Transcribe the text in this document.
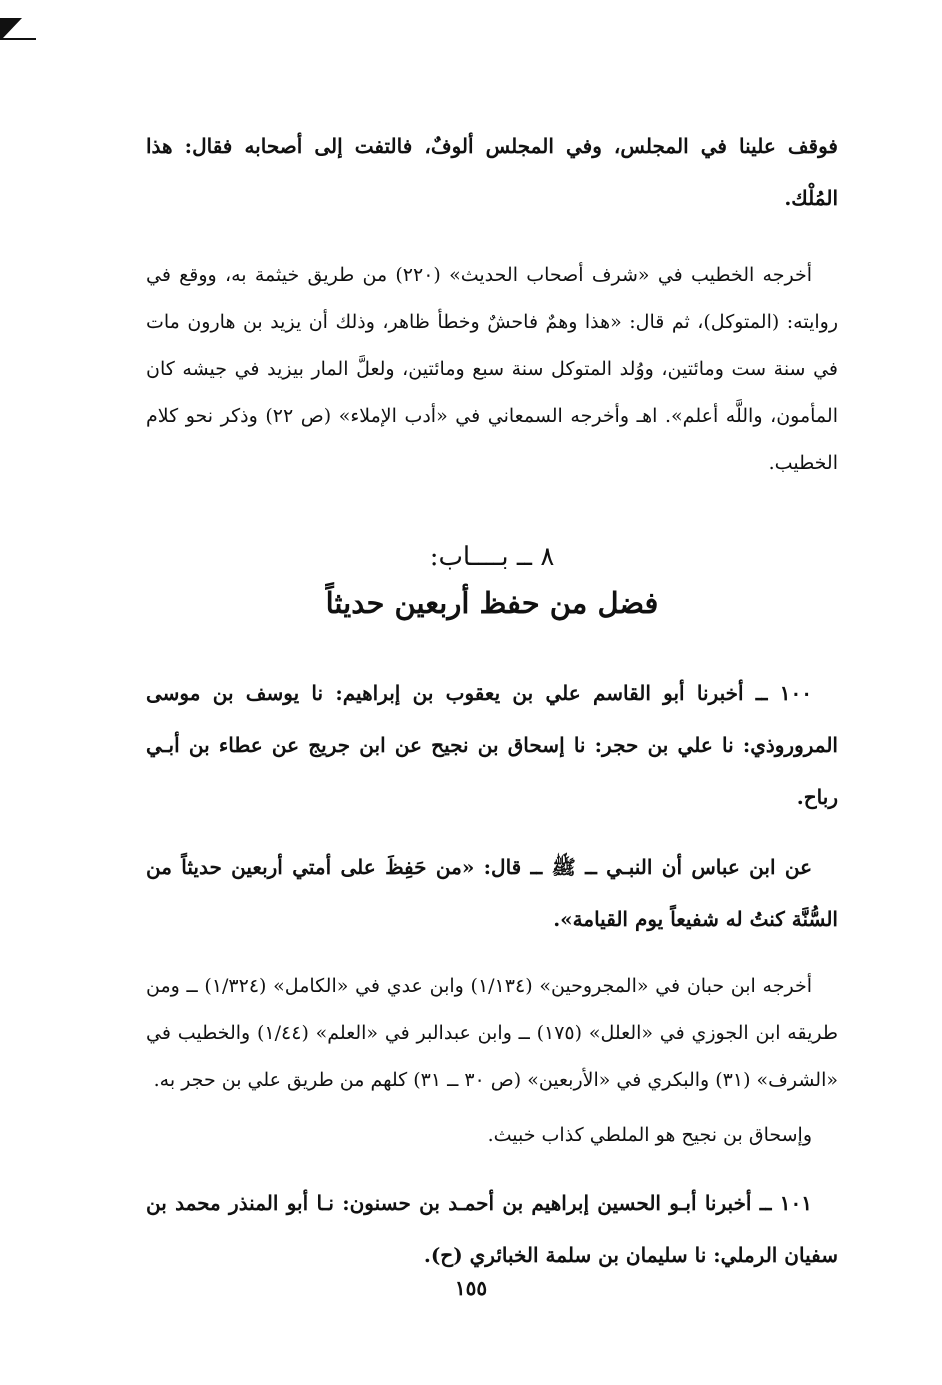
فوقف علينا في المجلس، وفي المجلس ألوفٌ، فالتفت إلى أصحابه فقال: هذا المُلْك.

أخرجه الخطيب في «شرف أصحاب الحديث» (٢٢٠) من طريق خيثمة به، ووقع في روايته: (المتوكل)، ثم قال: «هذا وهمٌ فاحشٌ وخطأ ظاهر، وذلك أن يزيد بن هارون مات في سنة ست ومائتين، ووُلد المتوكل سنة سبع ومائتين، ولعلَّ المار بيزيد في جيشه كان المأمون، واللَّه أعلم». اهـ وأخرجه السمعاني في «أدب الإملاء» (ص ٢٢) وذكر نحو كلام الخطيب.

٨ ــ بــــاب:
فضل من حفظ أربعين حديثاً

١٠٠ ــ أخبرنا أبو القاسم علي بن يعقوب بن إبراهيم: نا يوسف بن موسى المروروذي: نا علي بن حجر: نا إسحاق بن نجيح عن ابن جريج عن عطاء بن أبـي رباح.

عن ابن عباس أن النبـي ــ ﷺ ــ قال: «من حَفِظَ على أمتي أربعين حديثاً من السُّنَّة كنتُ له شفيعاً يوم القيامة».

أخرجه ابن حبان في «المجروحين» (١/١٣٤) وابن عدي في «الكامل» (١/٣٢٤) ــ ومن طريقه ابن الجوزي في «العلل» (١٧٥) ــ وابن عبدالبر في «العلم» (١/٤٤) والخطيب في «الشرف» (٣١) والبكري في «الأربعين» (ص ٣٠ ــ ٣١) كلهم من طريق علي بن حجر به.

وإسحاق بن نجيح هو الملطي كذاب خبيث.

١٠١ ــ أخبرنا أبـو الحسين إبراهيم بن أحمـد بن حسنون: نـا أبو المنذر محمد بن سفيان الرملي: نا سليمان بن سلمة الخبائري (ح).

١٥٥
